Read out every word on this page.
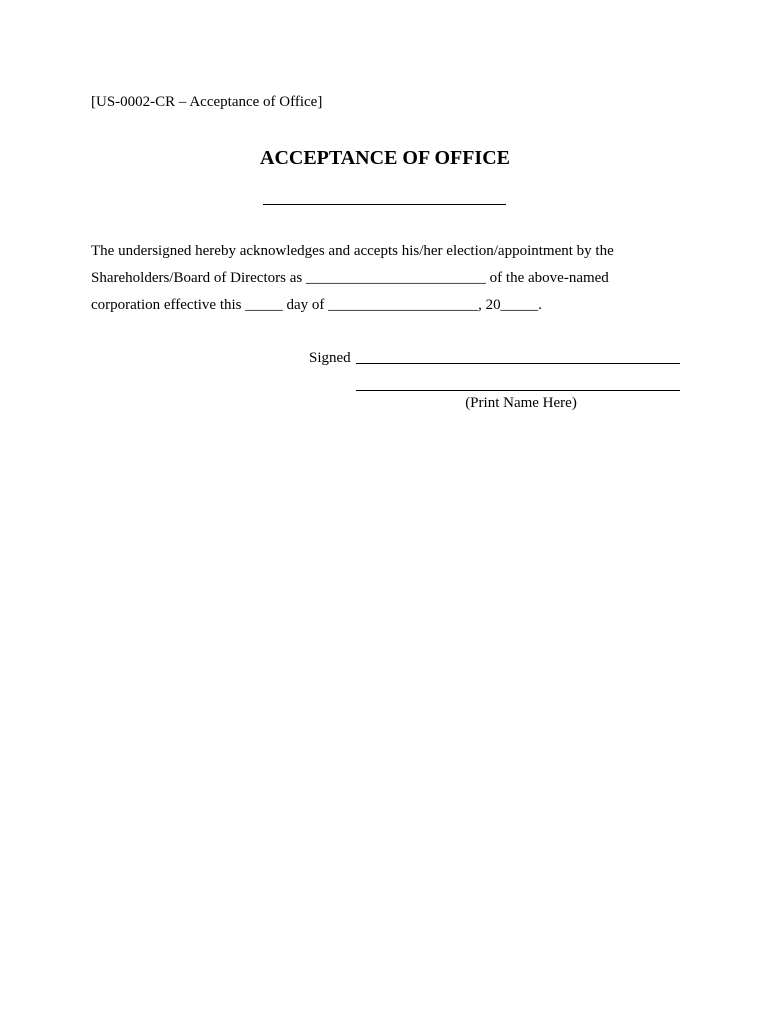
[US-0002-CR – Acceptance of Office]
ACCEPTANCE OF OFFICE
The undersigned hereby acknowledges and accepts his/her election/appointment by the
Shareholders/Board of Directors as ________________________ of the above-named
corporation effective this _____ day of ____________________, 20_____.
Signed
(Print Name Here)
